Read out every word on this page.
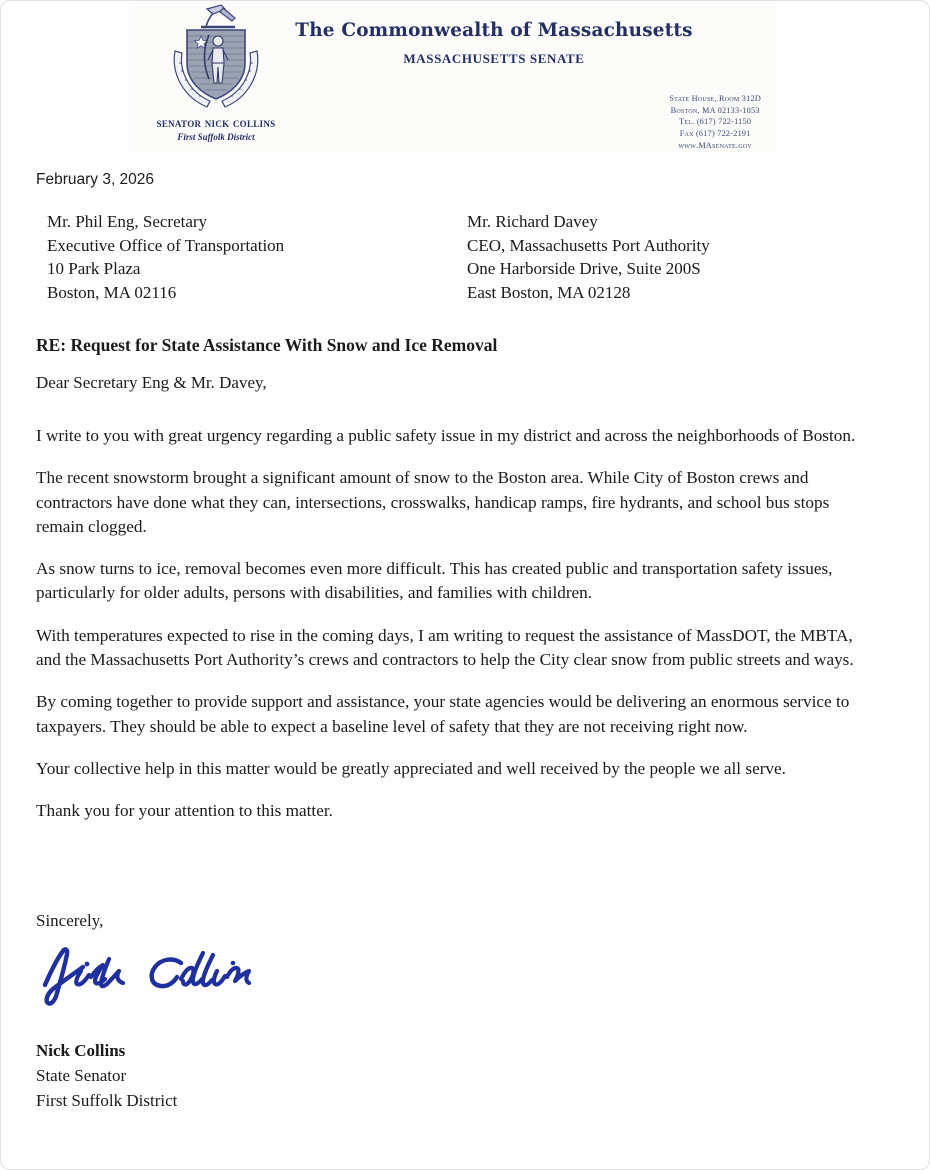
senator nick collins
First Suffolk District
The Commonwealth of Massachusetts
MASSACHUSETTS SENATE
State House, Room 312D
Boston, MA 02133-1053
Tel. (617) 722-1150
Fax (617) 722-2191
www.MAsenate.gov
February 3, 2026
Mr. Phil Eng, Secretary
Executive Office of Transportation
10 Park Plaza
Boston, MA 02116
Mr. Richard Davey
CEO, Massachusetts Port Authority
One Harborside Drive, Suite 200S
East Boston, MA 02128
RE: Request for State Assistance With Snow and Ice Removal
Dear Secretary Eng & Mr. Davey,

I write to you with great urgency regarding a public safety issue in my district and across the neighborhoods of Boston.

The recent snowstorm brought a significant amount of snow to the Boston area. While City of Boston crews and contractors have done what they can, intersections, crosswalks, handicap ramps, fire hydrants, and school bus stops remain clogged.

As snow turns to ice, removal becomes even more difficult. This has created public and transportation safety issues, particularly for older adults, persons with disabilities, and families with children.

With temperatures expected to rise in the coming days, I am writing to request the assistance of MassDOT, the MBTA, and the Massachusetts Port Authority’s crews and contractors to help the City clear snow from public streets and ways.

By coming together to provide support and assistance, your state agencies would be delivering an enormous service to taxpayers. They should be able to expect a baseline level of safety that they are not receiving right now.

Your collective help in this matter would be greatly appreciated and well received by the people we all serve.

Thank you for your attention to this matter.

Sincerely,
Nick Collins
State Senator
First Suffolk District
